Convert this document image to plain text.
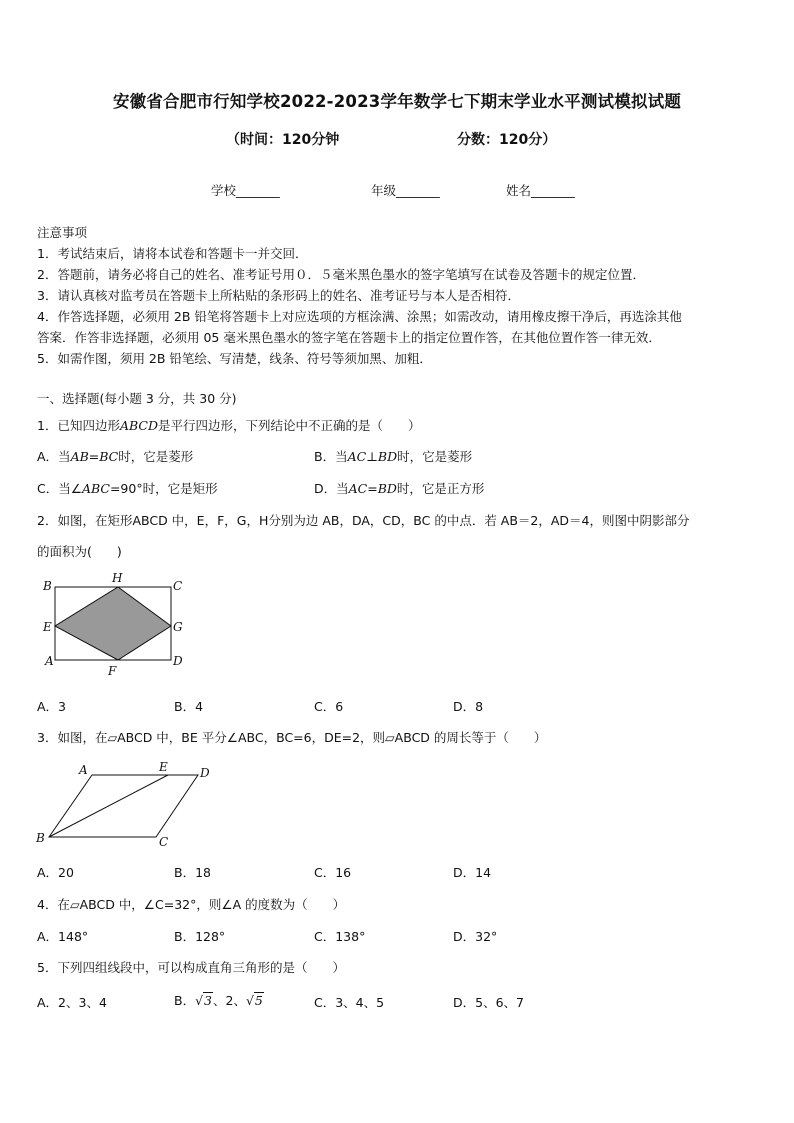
安徽省合肥市行知学校2022-2023学年数学七下期末学业水平测试模拟试题
（时间：120分钟	分数：120分）
学校_______	年级_______	姓名_______
注意事项
1．考试结束后，请将本试卷和答题卡一并交回．
2．答题前，请务必将自己的姓名、准考证号用０．５毫米黑色墨水的签字笔填写在试卷及答题卡的规定位置．
3．请认真核对监考员在答题卡上所粘贴的条形码上的姓名、准考证号与本人是否相符．
4．作答选择题，必须用 2B 铅笔将答题卡上对应选项的方框涂满、涂黑；如需改动，请用橡皮擦干净后，再选涂其他
答案．作答非选择题，必须用 05 毫米黑色墨水的签字笔在答题卡上的指定位置作答，在其他位置作答一律无效．
5．如需作图，须用 2B 铅笔绘、写清楚，线条、符号等须加黑、加粗．
一、选择题(每小题 3 分，共 30 分)
1．已知四边形ABCD是平行四边形，下列结论中不正确的是（　　）
A．当AB=BC时，它是菱形	B．当AC⊥BD时，它是菱形
C．当∠ABC=90°时，它是矩形	D．当AC=BD时，它是正方形
2．如图，在矩形ABCD 中，E，F，G，H分别为边 AB，DA，CD，BC 的中点．若 AB＝2，AD＝4，则图中阴影部分
的面积为(　　)
B
H
C
E	G
A
F
D
A．3	B．4	C．6	D．8
3．如图，在▱ABCD 中，BE 平分∠ABC，BC=6，DE=2，则▱ABCD 的周长等于（　　）
A	E	D
B	C
A．20	B．18	C．16	D．14
4．在▱ABCD 中，∠C=32°，则∠A 的度数为（　　）
A．148°	B．128°	C．138°	D．32°
5．下列四组线段中，可以构成直角三角形的是（　　）
A．2、3、4	B．√3、2、√5	C．3、4、5	D．5、6、7
